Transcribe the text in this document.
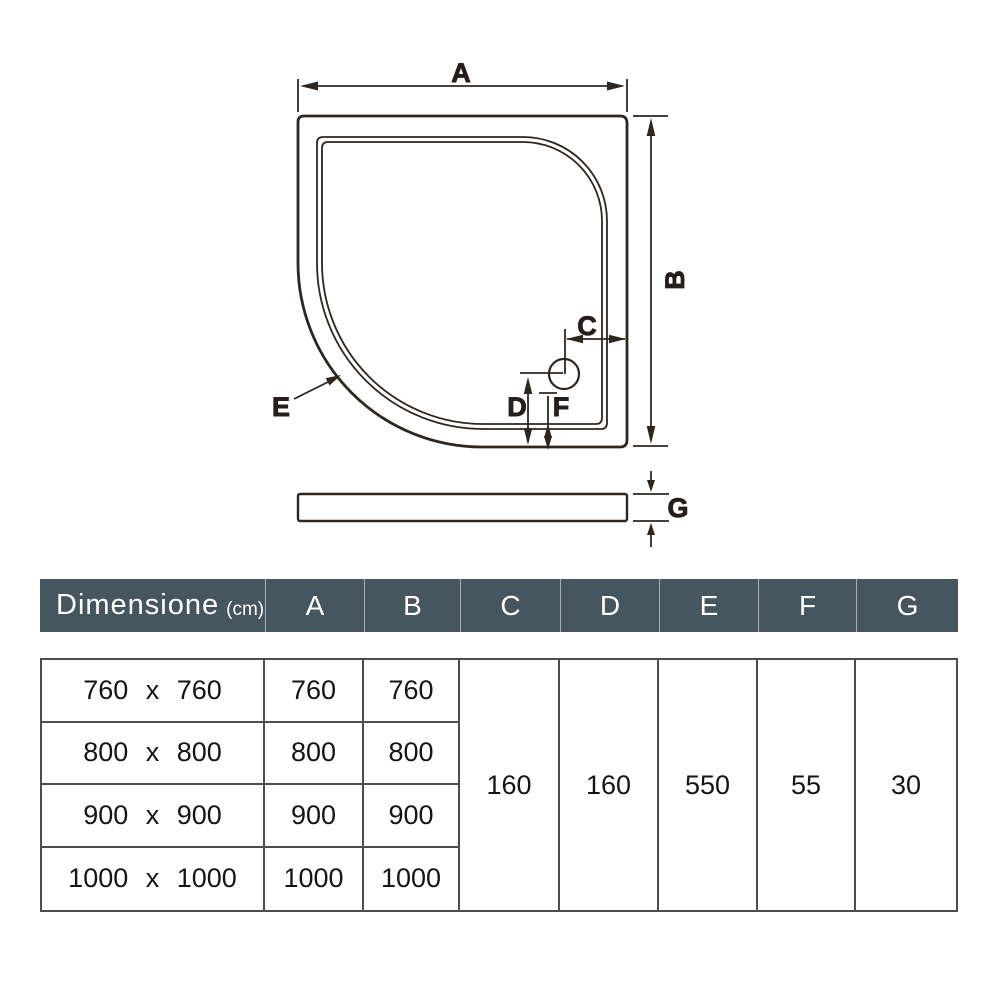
A
B
C
D
E	F
G
Dimensione (cm)	A	B	C	D	E	F	G
760 x 760	760	760
800 x 800	800	800
900 x 900	900	900
1000 x 1000	1000	1000
160	160	550	55	30
